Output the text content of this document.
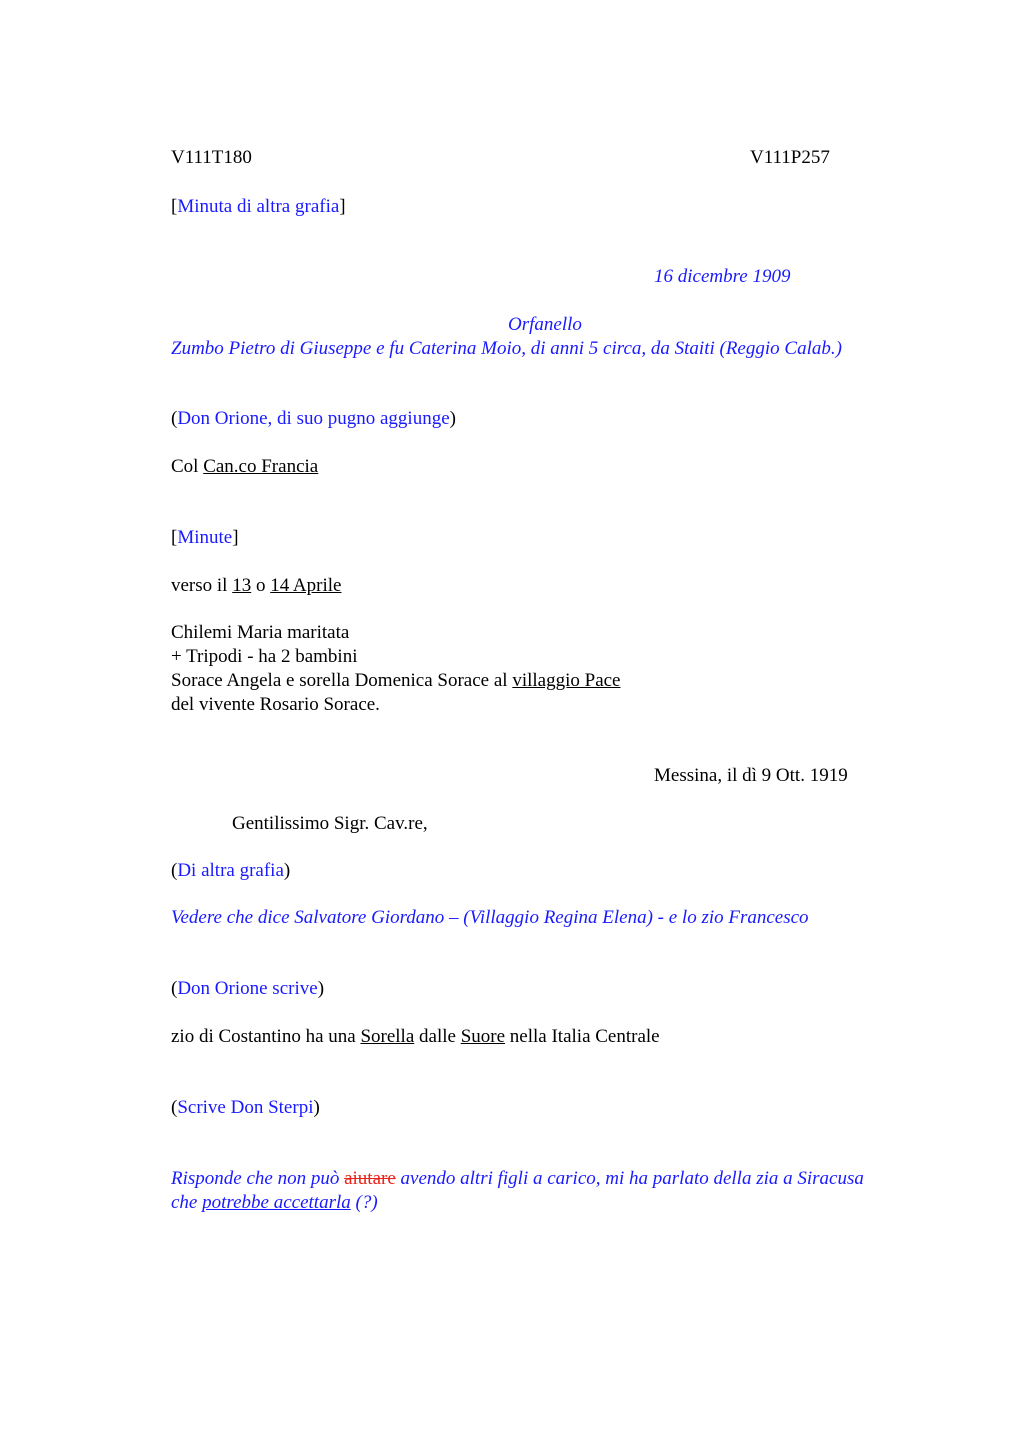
V111T180	V111P257
[Minuta di altra grafia]
16 dicembre 1909
Orfanello
Zumbo Pietro di Giuseppe e fu Caterina Moio, di anni 5 circa, da Staiti (Reggio Calab.)
(Don Orione, di suo pugno aggiunge)
Col Can.co Francia
[Minute]
verso il 13 o 14 Aprile
Chilemi Maria maritata
+ Tripodi - ha 2 bambini
Sorace Angela e sorella Domenica Sorace al villaggio Pace
del vivente Rosario Sorace.
Messina, il dì 9 Ott. 1919
Gentilissimo Sigr. Cav.re,
(Di altra grafia)
Vedere che dice Salvatore Giordano – (Villaggio Regina Elena) - e lo zio Francesco
(Don Orione scrive)
zio di Costantino ha una Sorella dalle Suore nella Italia Centrale
(Scrive Don Sterpi)
Risponde che non può aiutare avendo altri figli a carico, mi ha parlato della zia a Siracusa
che potrebbe accettarla (?)
